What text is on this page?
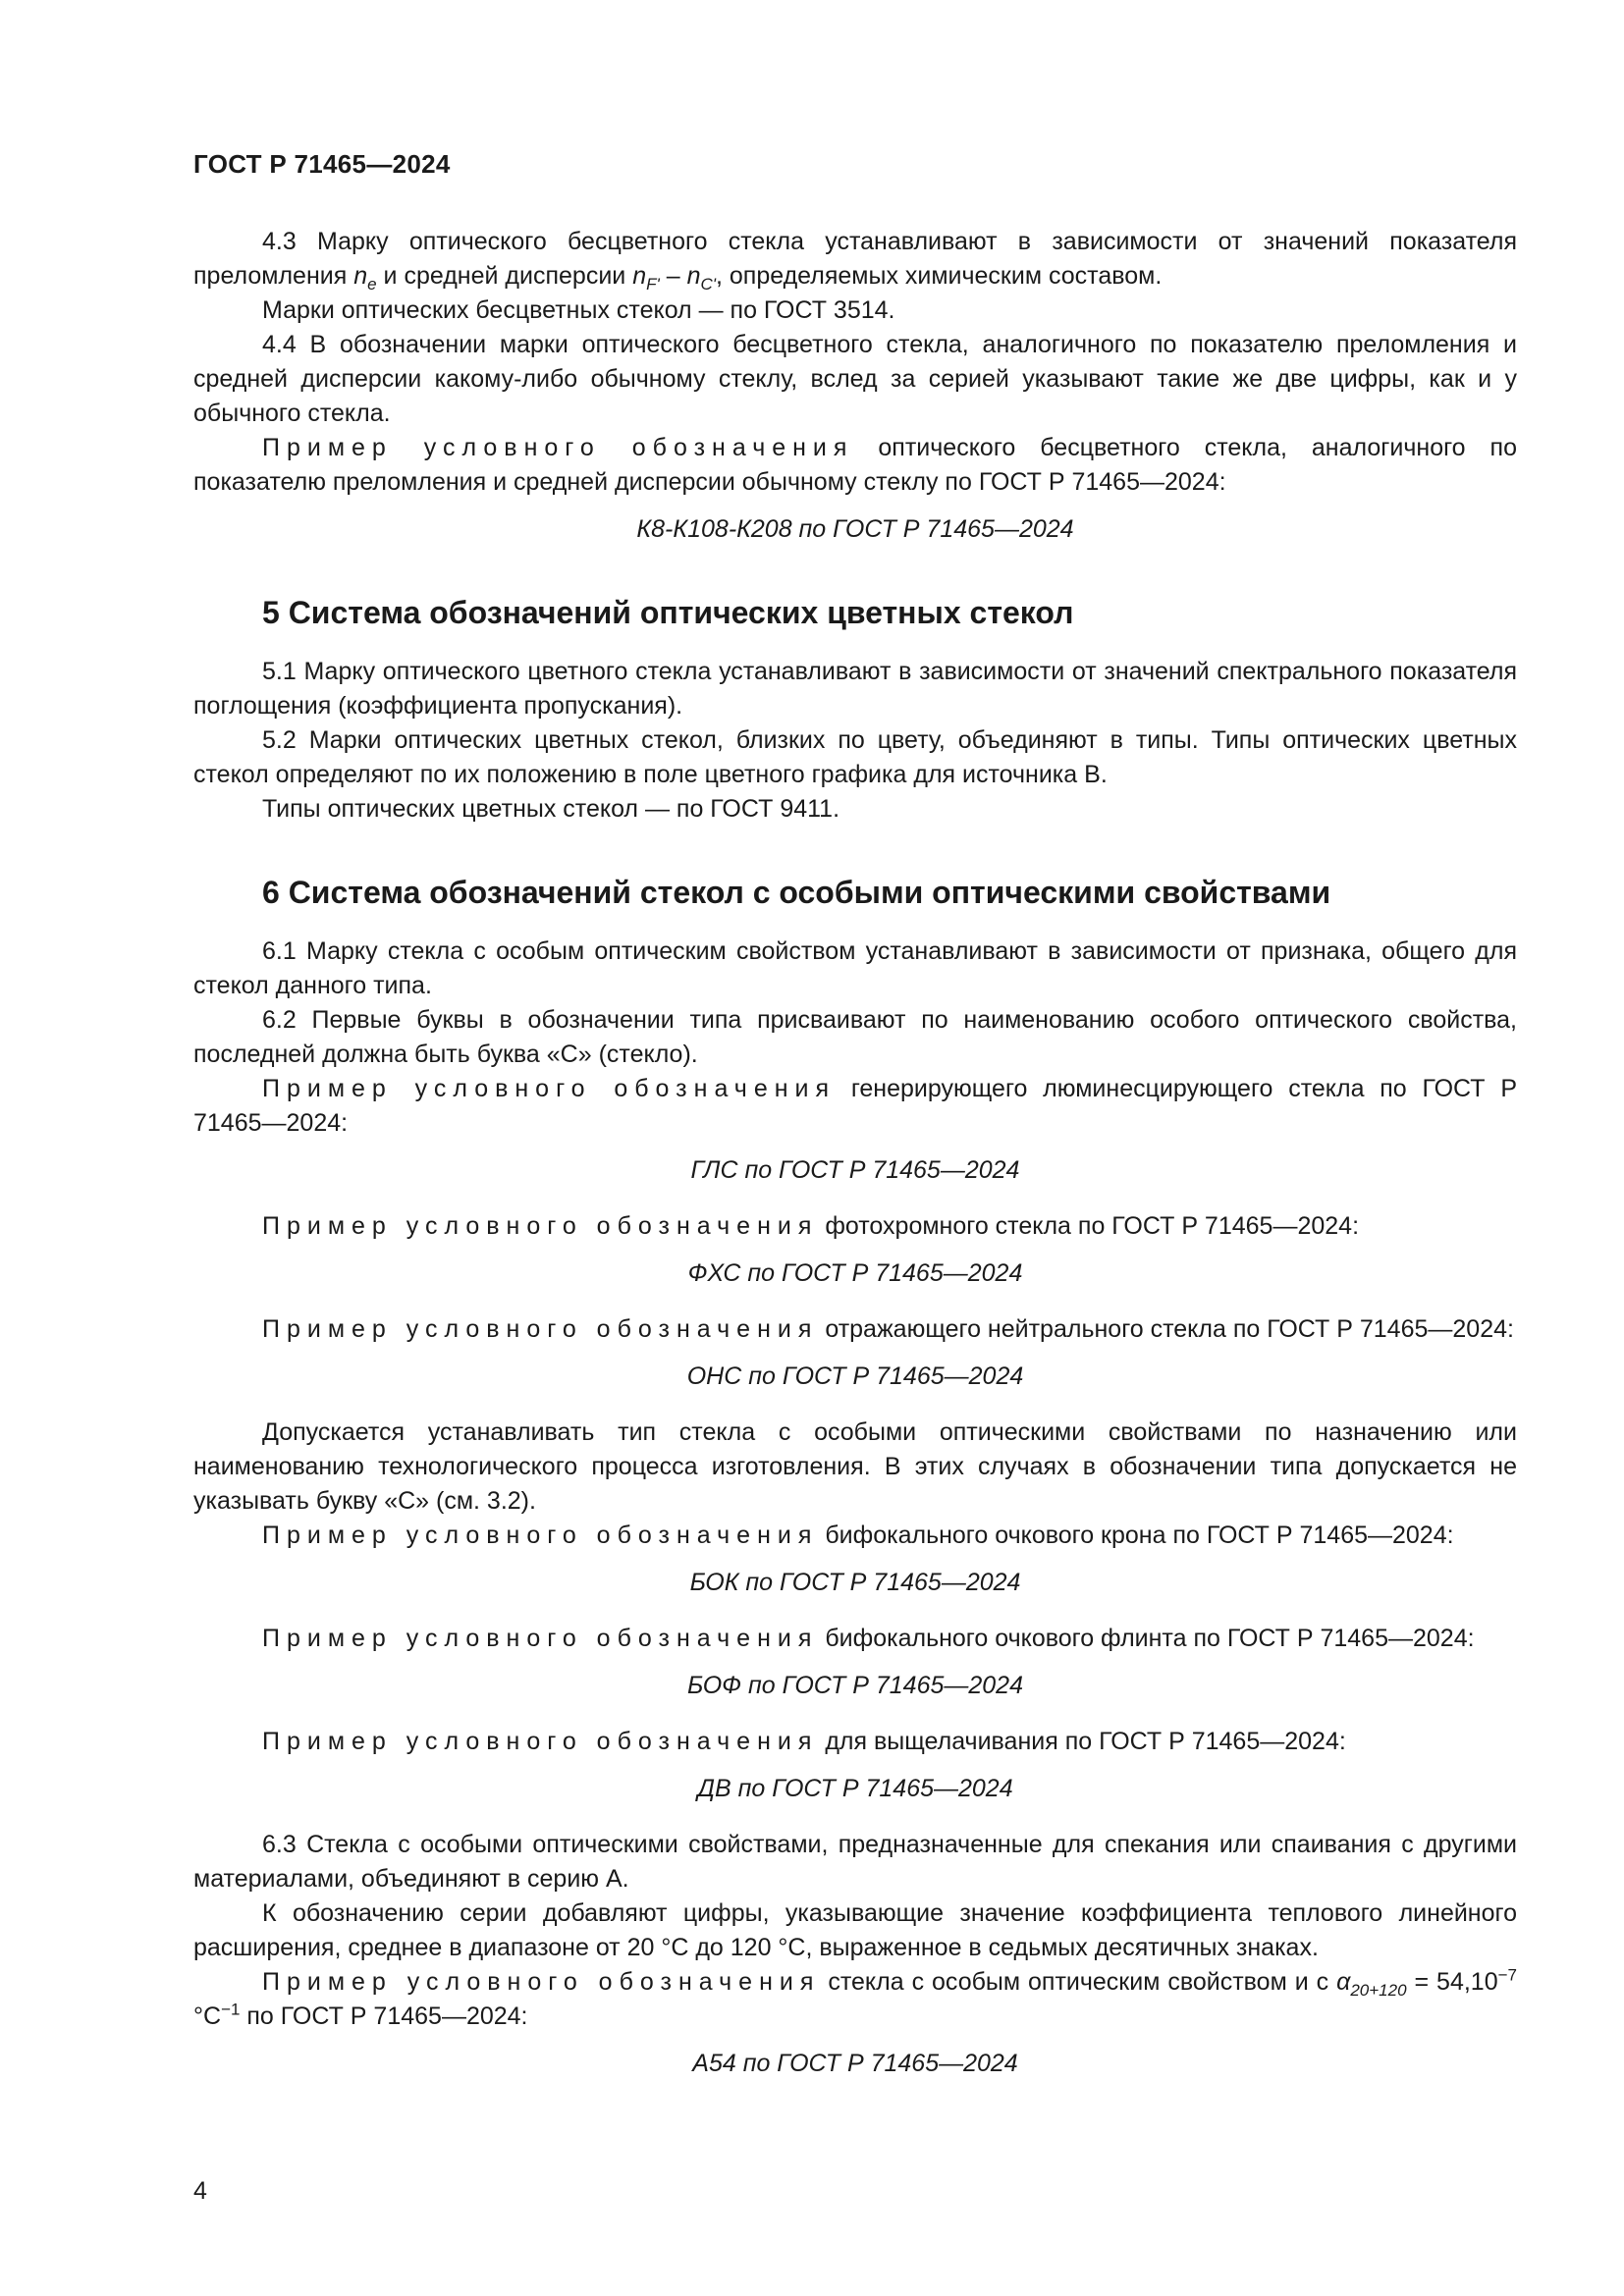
ГОСТ Р 71465—2024

4.3 Марку оптического бесцветного стекла устанавливают в зависимости от значений показателя преломления $n_e$ и средней дисперсии $n_{F'} - n_{C'}$, определяемых химическим составом.

Марки оптических бесцветных стекол — по ГОСТ 3514.

4.4 В обозначении марки оптического бесцветного стекла, аналогичного по показателю преломления и средней дисперсии какому-либо обычному стеклу, вслед за серией указывают такие же две цифры, как и у обычного стекла.

Пример условного обозначения оптического бесцветного стекла, аналогичного по показателю преломления и средней дисперсии обычному стеклу по ГОСТ Р 71465—2024:

К8-К108-К208 по ГОСТ Р 71465—2024

5 Система обозначений оптических цветных стекол

5.1 Марку оптического цветного стекла устанавливают в зависимости от значений спектрального показателя поглощения (коэффициента пропускания).

5.2 Марки оптических цветных стекол, близких по цвету, объединяют в типы. Типы оптических цветных стекол определяют по их положению в поле цветного графика для источника В.

Типы оптических цветных стекол — по ГОСТ 9411.

6 Система обозначений стекол с особыми оптическими свойствами

6.1 Марку стекла с особым оптическим свойством устанавливают в зависимости от признака, общего для стекол данного типа.

6.2 Первые буквы в обозначении типа присваивают по наименованию особого оптического свойства, последней должна быть буква «С» (стекло).

Пример условного обозначения генерирующего люминесцирующего стекла по ГОСТ Р 71465—2024:

ГЛС по ГОСТ Р 71465—2024

Пример условного обозначения фотохромного стекла по ГОСТ Р 71465—2024:

ФХС по ГОСТ Р 71465—2024

Пример условного обозначения отражающего нейтрального стекла по ГОСТ Р 71465—2024:

ОНС по ГОСТ Р 71465—2024

Допускается устанавливать тип стекла с особыми оптическими свойствами по назначению или наименованию технологического процесса изготовления. В этих случаях в обозначении типа допускается не указывать букву «С» (см. 3.2).

Пример условного обозначения бифокального очкового крона по ГОСТ Р 71465—2024:

БОК по ГОСТ Р 71465—2024

Пример условного обозначения бифокального очкового флинта по ГОСТ Р 71465—2024:

БОФ по ГОСТ Р 71465—2024

Пример условного обозначения для выщелачивания по ГОСТ Р 71465—2024:

ДВ по ГОСТ Р 71465—2024

6.3 Стекла с особыми оптическими свойствами, предназначенные для спекания или спаивания с другими материалами, объединяют в серию А.

К обозначению серии добавляют цифры, указывающие значение коэффициента теплового линейного расширения, среднее в диапазоне от 20 °С до 120 °С, выраженное в седьмых десятичных знаках.

Пример условного обозначения стекла с особым оптическим свойством и с $\alpha_{20+120} = 54,10^{-7}$ $^\circ С^{-1}$ по ГОСТ Р 71465—2024:

А54 по ГОСТ Р 71465—2024

4
